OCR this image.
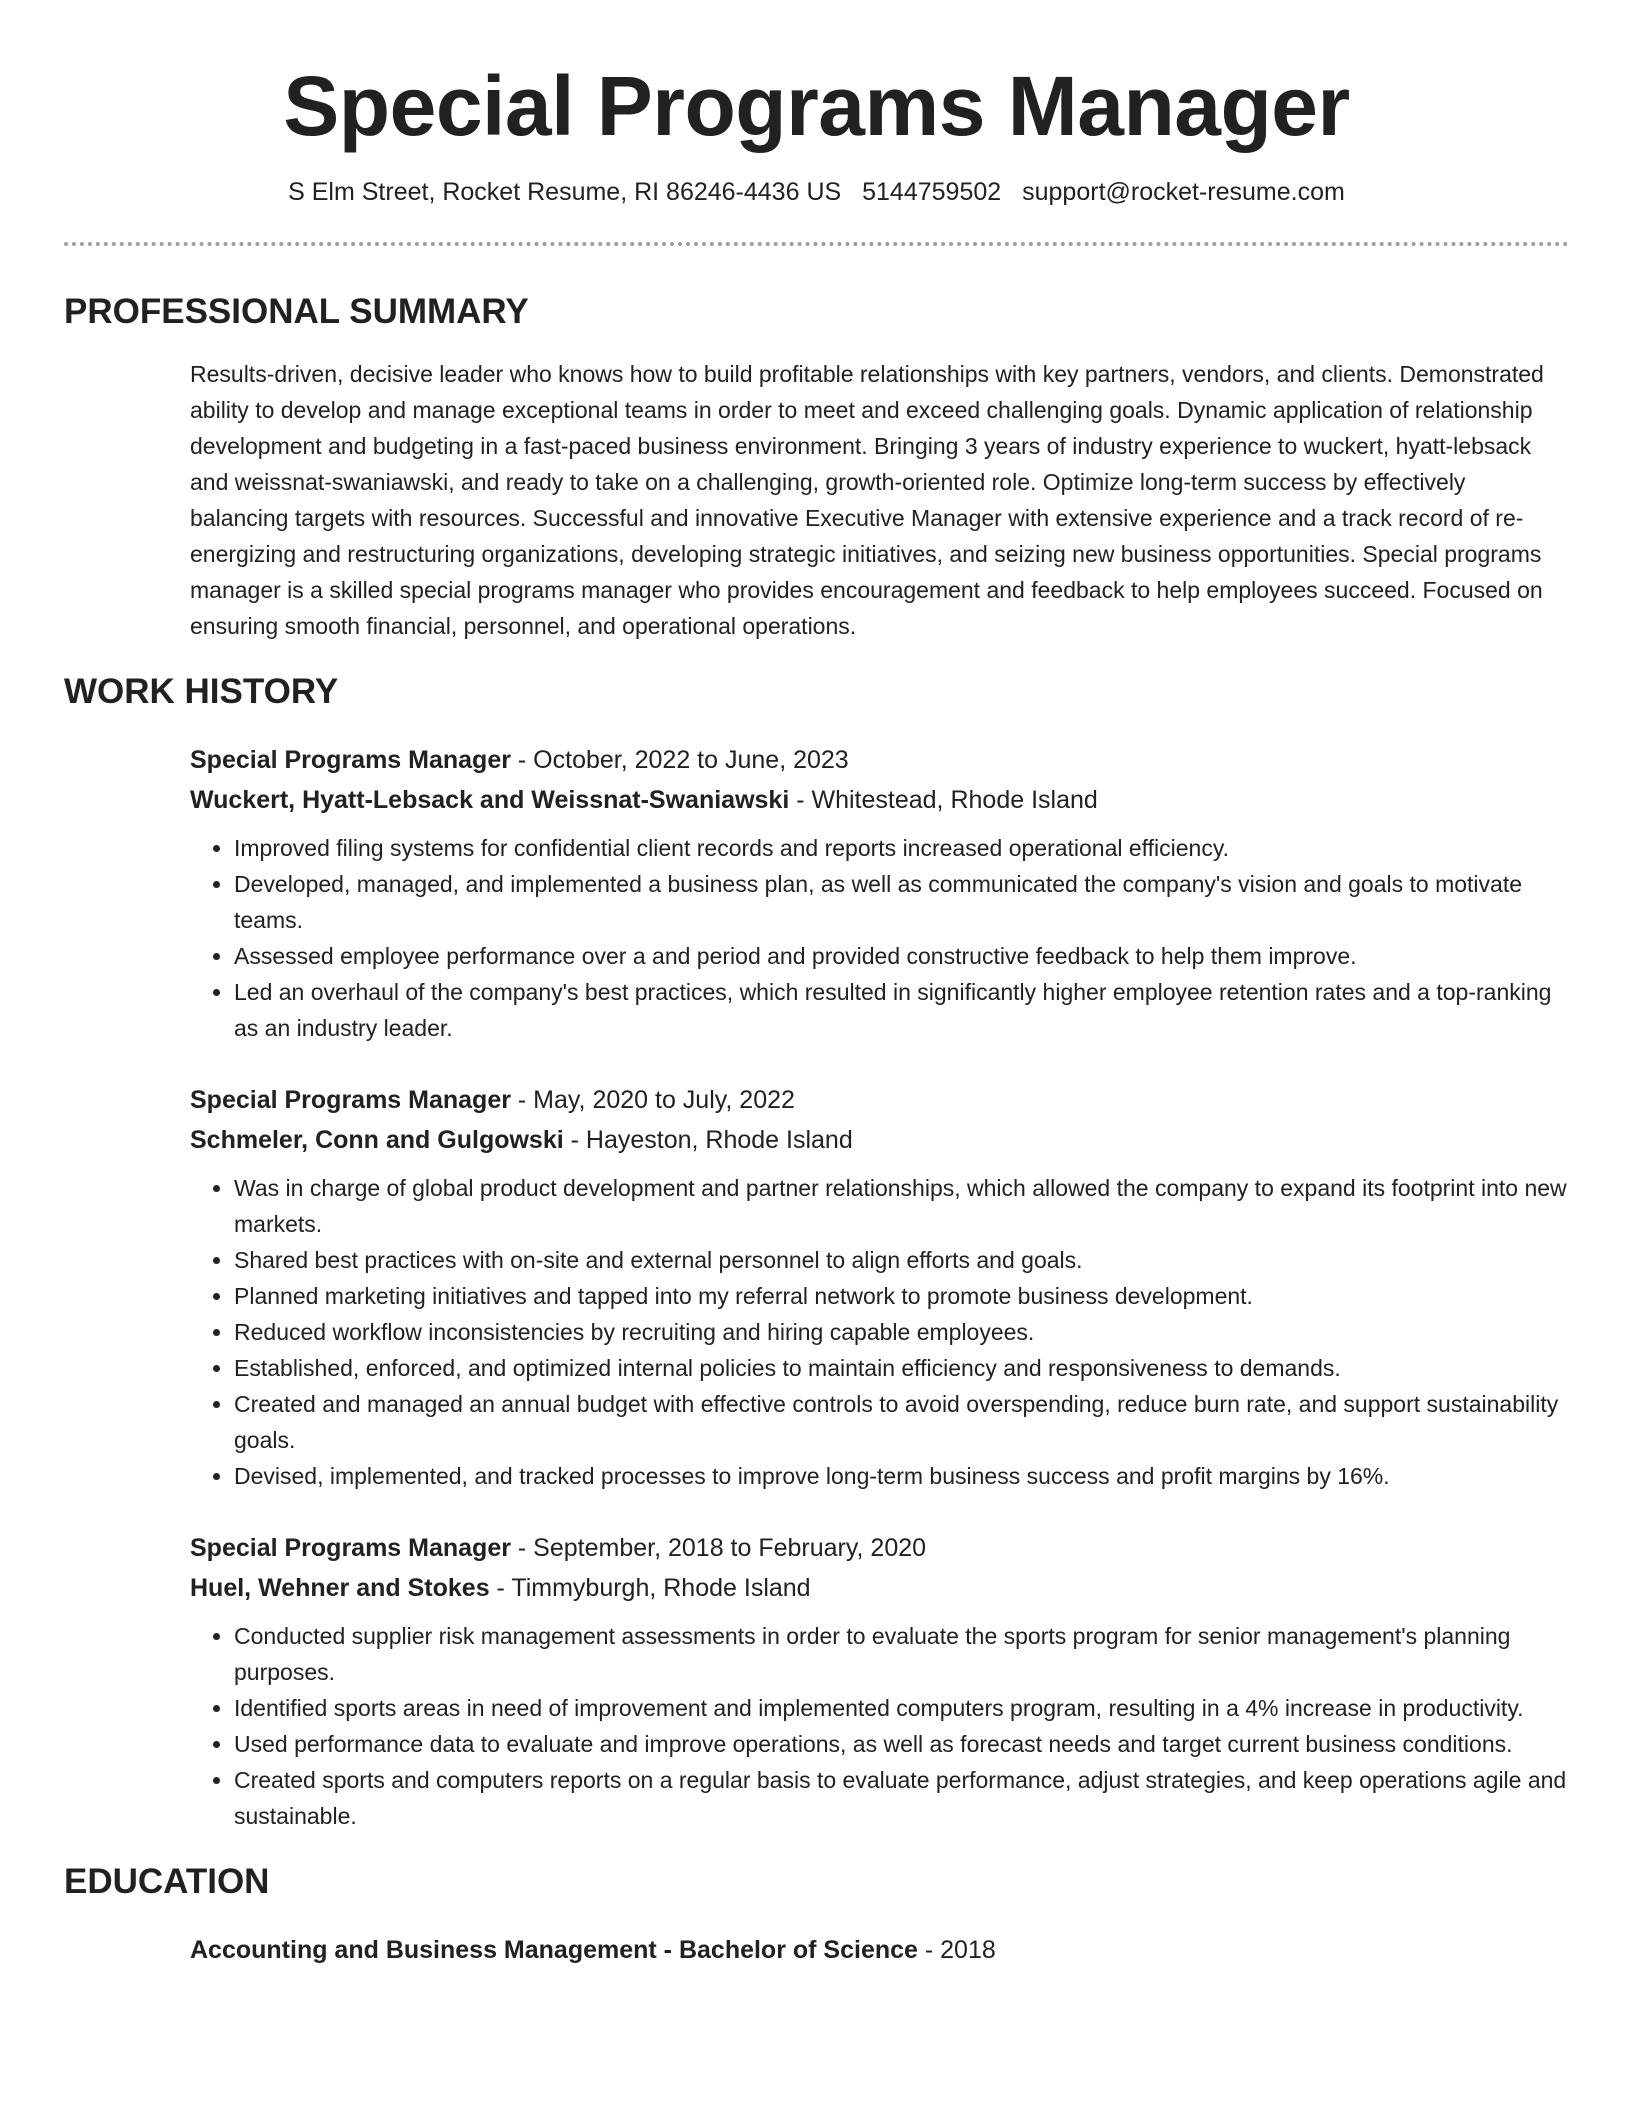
Special Programs Manager
S Elm Street, Rocket Resume, RI 86246-4436 US 5144759502 support@rocket-resume.com
PROFESSIONAL SUMMARY
Results-driven, decisive leader who knows how to build profitable relationships with key partners, vendors, and clients. Demonstrated ability to develop and manage exceptional teams in order to meet and exceed challenging goals. Dynamic application of relationship development and budgeting in a fast-paced business environment. Bringing 3 years of industry experience to wuckert, hyatt-lebsack and weissnat-swaniawski, and ready to take on a challenging, growth-oriented role. Optimize long-term success by effectively balancing targets with resources. Successful and innovative Executive Manager with extensive experience and a track record of re-energizing and restructuring organizations, developing strategic initiatives, and seizing new business opportunities. Special programs manager is a skilled special programs manager who provides encouragement and feedback to help employees succeed. Focused on ensuring smooth financial, personnel, and operational operations.
WORK HISTORY
Special Programs Manager - October, 2022 to June, 2023
Wuckert, Hyatt-Lebsack and Weissnat-Swaniawski - Whitestead, Rhode Island
• Improved filing systems for confidential client records and reports increased operational efficiency.
• Developed, managed, and implemented a business plan, as well as communicated the company's vision and goals to motivate teams.
• Assessed employee performance over a and period and provided constructive feedback to help them improve.
• Led an overhaul of the company's best practices, which resulted in significantly higher employee retention rates and a top-ranking as an industry leader.
Special Programs Manager - May, 2020 to July, 2022
Schmeler, Conn and Gulgowski - Hayeston, Rhode Island
• Was in charge of global product development and partner relationships, which allowed the company to expand its footprint into new markets.
• Shared best practices with on-site and external personnel to align efforts and goals.
• Planned marketing initiatives and tapped into my referral network to promote business development.
• Reduced workflow inconsistencies by recruiting and hiring capable employees.
• Established, enforced, and optimized internal policies to maintain efficiency and responsiveness to demands.
• Created and managed an annual budget with effective controls to avoid overspending, reduce burn rate, and support sustainability goals.
• Devised, implemented, and tracked processes to improve long-term business success and profit margins by 16%.
Special Programs Manager - September, 2018 to February, 2020
Huel, Wehner and Stokes - Timmyburgh, Rhode Island
• Conducted supplier risk management assessments in order to evaluate the sports program for senior management's planning purposes.
• Identified sports areas in need of improvement and implemented computers program, resulting in a 4% increase in productivity.
• Used performance data to evaluate and improve operations, as well as forecast needs and target current business conditions.
• Created sports and computers reports on a regular basis to evaluate performance, adjust strategies, and keep operations agile and sustainable.
EDUCATION
Accounting and Business Management - Bachelor of Science - 2018
